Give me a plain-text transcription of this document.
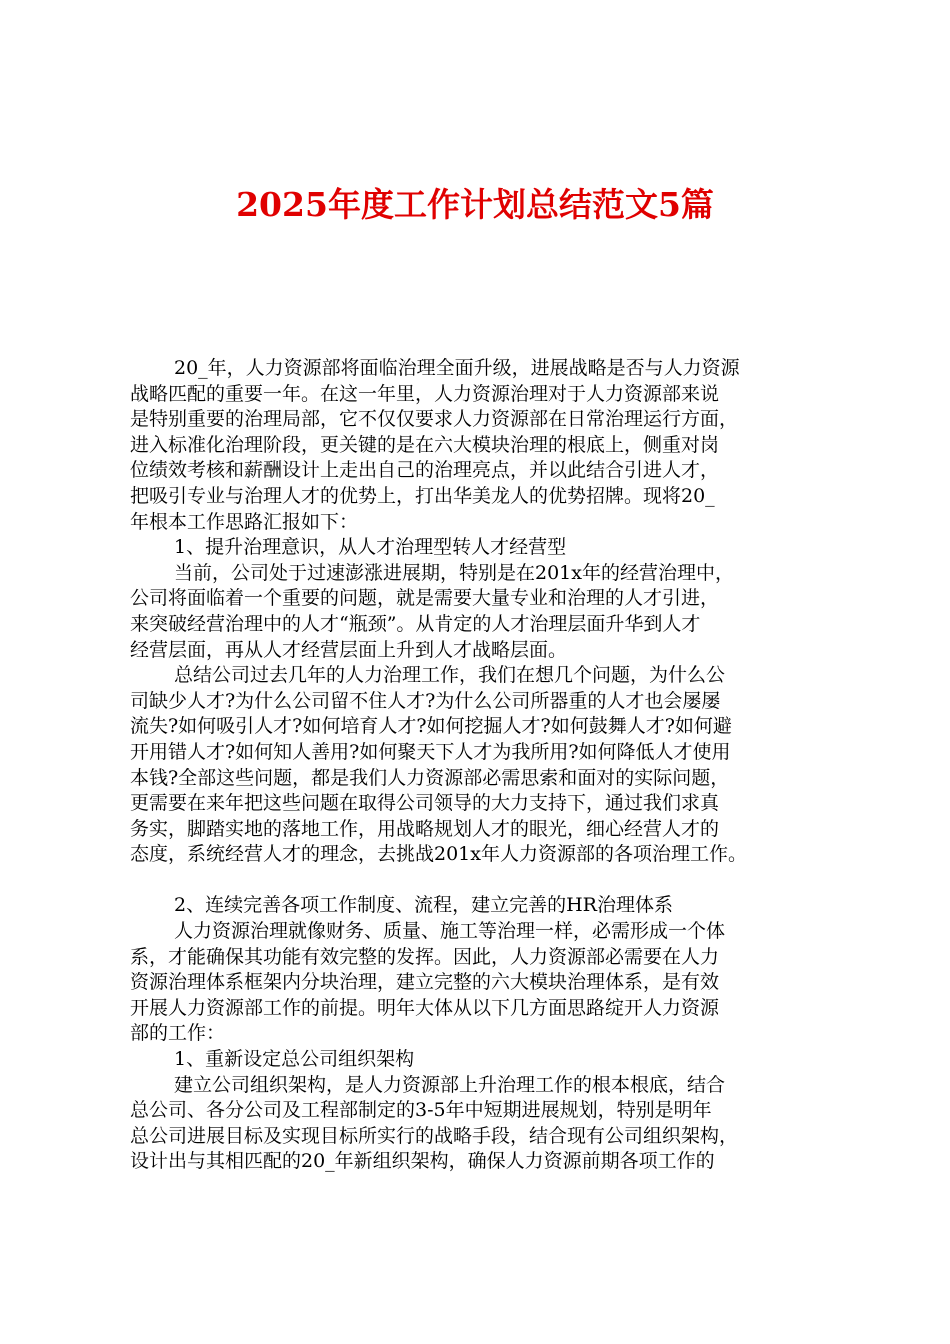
2025年度工作计划总结范文5篇
20_年，人力资源部将面临治理全面升级，进展战略是否与人力资源
战略匹配的重要一年。在这一年里，人力资源治理对于人力资源部来说
是特别重要的治理局部，它不仅仅要求人力资源部在日常治理运行方面，
进入标准化治理阶段，更关键的是在六大模块治理的根底上，侧重对岗
位绩效考核和薪酬设计上走出自己的治理亮点，并以此结合引进人才，
把吸引专业与治理人才的优势上，打出华美龙人的优势招牌。现将20_
年根本工作思路汇报如下：
1、提升治理意识，从人才治理型转人才经营型
当前，公司处于过速澎涨进展期，特别是在201x年的经营治理中，
公司将面临着一个重要的问题，就是需要大量专业和治理的人才引进，
来突破经营治理中的人才“瓶颈”。从肯定的人才治理层面升华到人才
经营层面，再从人才经营层面上升到人才战略层面。
总结公司过去几年的人力治理工作，我们在想几个问题，为什么公
司缺少人才?为什么公司留不住人才?为什么公司所器重的人才也会屡屡
流失?如何吸引人才?如何培育人才?如何挖掘人才?如何鼓舞人才?如何避
开用错人才?如何知人善用?如何聚天下人才为我所用?如何降低人才使用
本钱?全部这些问题，都是我们人力资源部必需思索和面对的实际问题，
更需要在来年把这些问题在取得公司领导的大力支持下，通过我们求真
务实，脚踏实地的落地工作，用战略规划人才的眼光，细心经营人才的
态度，系统经营人才的理念，去挑战201x年人力资源部的各项治理工作。
2、连续完善各项工作制度、流程，建立完善的HR治理体系
人力资源治理就像财务、质量、施工等治理一样，必需形成一个体
系，才能确保其功能有效完整的发挥。因此，人力资源部必需要在人力
资源治理体系框架内分块治理，建立完整的六大模块治理体系，是有效
开展人力资源部工作的前提。明年大体从以下几方面思路绽开人力资源
部的工作：
1、重新设定总公司组织架构
建立公司组织架构，是人力资源部上升治理工作的根本根底，结合
总公司、各分公司及工程部制定的3-5年中短期进展规划，特别是明年
总公司进展目标及实现目标所实行的战略手段，结合现有公司组织架构，
设计出与其相匹配的20_年新组织架构，确保人力资源前期各项工作的
